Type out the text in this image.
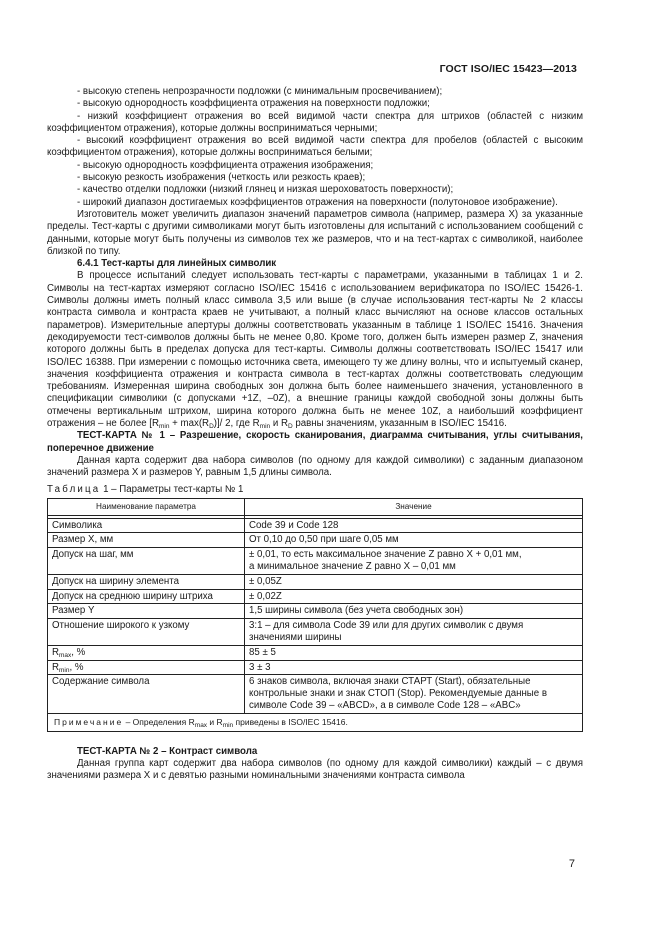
ГОСТ ISO/IEC 15423—2013

- высокую степень непрозрачности подложки (с минимальным просвечиванием);

- высокую однородность коэффициента отражения на поверхности подложки;

- низкий коэффициент отражения во всей видимой части спектра для штрихов (областей с низким коэффициентом отражения), которые должны восприниматься черными;

- высокий коэффициент отражения во всей видимой части спектра для пробелов (областей с высоким коэффициентом отражения), которые должны восприниматься белыми;

- высокую однородность коэффициента отражения изображения;

- высокую резкость изображения (четкость или резкость краев);

- качество отделки подложки (низкий глянец и низкая шероховатость поверхности);

- широкий диапазон достигаемых коэффициентов отражения на поверхности (полутоновое изображение).

Изготовитель может увеличить диапазон значений параметров символа (например, размера X) за указанные пределы. Тест-карты с другими символиками могут быть изготовлены для испытаний с использованием сообщений с данными, которые могут быть получены из символов тех же размеров, что и на тест-картах с символикой, наиболее близкой по типу.

6.4.1 Тест-карты для линейных символик

В процессе испытаний следует использовать тест-карты с параметрами, указанными в таблицах 1 и 2. Символы на тест-картах измеряют согласно ISO/IEC 15416 с использованием верификатора по ISO/IEC 15426-1. Символы должны иметь полный класс символа 3,5 или выше (в случае использования тест-карты № 2 классы контраста символа и контраста краев не учитывают, а полный класс вычисляют на основе классов остальных параметров). Измерительные апертуры должны соответствовать указанным в таблице 1 ISO/IEC 15416. Значения декодируемости тест-символов должны быть не менее 0,80. Кроме того, должен быть измерен размер Z, значения которого должны быть в пределах допуска для тест-карты. Символы должны соответствовать ISO/IEC 15417 или ISO/IEC 16388. При измерении с помощью источника света, имеющего ту же длину волны, что и испытуемый сканер, значения коэффициента отражения и контраста символа в тест-картах должны соответствовать следующим требованиям. Измеренная ширина свободных зон должна быть более наименьшего значения, установленного в спецификации символики (с допусками +1Z, –0Z), а внешние границы каждой свободной зоны должны быть отмечены вертикальным штрихом, ширина которого должна быть не менее 10Z, а наибольший коэффициент отражения – не более $[R_{min} + \max(R_D)]/$ 2, где $R_{min}$ и $R_D$ равны значениям, указанным в ISO/IEC 15416.

ТЕСТ-КАРТА № 1 – Разрешение, скорость сканирования, диаграмма считывания, углы считывания, поперечное движение

Данная карта содержит два набора символов (по одному для каждой символики) с заданным диапазоном значений размера X и размеров Y, равным 1,5 длины символа.

Таблица 1 – Параметры тест-карты № 1
Наименование параметра	Значение

Символика	Code 39 и Code 128
Размер X, мм	От 0,10 до 0,50 при шаге 0,05 мм
Допуск на шаг, мм	± 0,01, то есть максимальное значение Z равно X + 0,01 мм,
а минимальное значение Z равно X – 0,01 мм

Допуск на ширину элемента	± 0,05Z
Допуск на среднюю ширину штриха	± 0,02Z
Размер Y	1,5 ширины символа (без учета свободных зон)
Отношение широкого к узкому	3:1 – для символа Code 39 или для других символик с двумя значениями ширины
$R_{max}$, %	85 ± 5
$R_{min}$, %	3 ± 3
Содержание символа	6 знаков символа, включая знаки СТАРТ (Start), обязательные контрольные знаки и знак СТОП (Stop). Рекомендуемые данные в символе Code 39 – «ABCD», а в символе Code 128 – «ABC»
Примечание – Определения $R_{max}$ и $R_{min}$ приведены в ISO/IEC 15416.	

ТЕСТ-КАРТА № 2 – Контраст символа

Данная группа карт содержит два набора символов (по одному для каждой символики) каждый – с двумя значениями размера X и с девятью разными номинальными значениями контраста символа

7
